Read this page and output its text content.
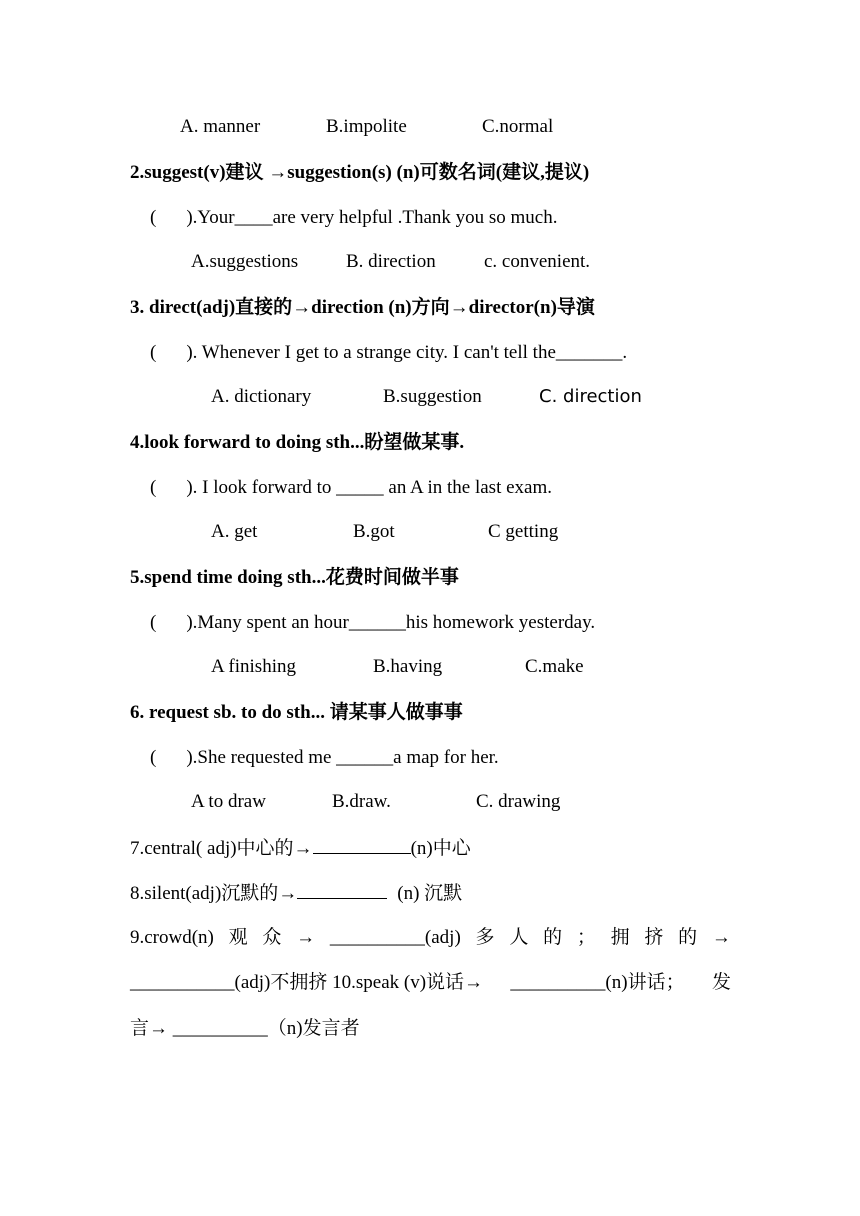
A. manner	B.impolite	C.normal
2.suggest(v)建议 →suggestion(s) (n)可数名词(建议,提议)
( ).Your____are very helpful .Thank you so much.
A.suggestions	B. direction	c. convenient.
3. direct(adj)直接的→direction (n)方向→director(n)导演
( ). Whenever I get to a strange city. I can't tell the_______.
A. dictionary	B.suggestion	C. direction
4.look forward to doing sth...盼望做某事.
( ). I look forward to _____ an A in the last exam.
A. get	B.got	C getting
5.spend time doing sth...花费时间做半事
( ).Many spent an hour______his homework yesterday.
A finishing	B.having	C.make
6. request sb. to do sth... 请某事人做事事
( ).She requested me ______a map for her.
A to draw	B.draw.	C. drawing
7.central( adj)中心的→	(n)中心
8.silent(adj)沉默的→	(n) 沉默
9.crowd(n) 观 众 → __________(adj) 多 人 的 ； 拥 挤 的 →
___________(adj)不拥挤 10.speak (v)说话→ __________(n)讲话； 发
言→ __________（n)发言者
